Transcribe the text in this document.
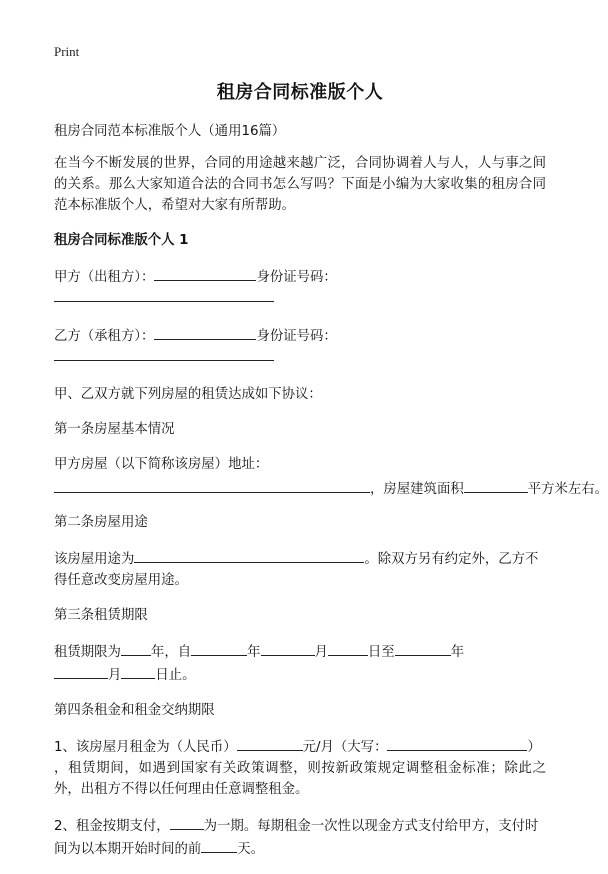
Print
租房合同标准版个人
租房合同范本标准版个人（通用16篇）
在当今不断发展的世界，合同的用途越来越广泛，合同协调着人与人，人与事之间的关系。那么大家知道合法的合同书怎么写吗？下面是小编为大家收集的租房合同范本标准版个人，希望对大家有所帮助。
租房合同标准版个人 1
甲方（出租方）：	身份证号码：
乙方（承租方）：	身份证号码：
甲、乙双方就下列房屋的租赁达成如下协议：
第一条房屋基本情况
甲方房屋（以下简称该房屋）地址：
，房屋建筑面积	平方米左右。
第二条房屋用途
该房屋用途为	。除双方另有约定外，乙方不得任意改变房屋用途。
第三条租赁期限
租赁期限为 年，自	年	月	日至	年
月	日止。
第四条租金和租金交纳期限
1、该房屋月租金为（人民币）	元/月（大写：	）
，租赁期间，如遇到国家有关政策调整，则按新政策规定调整租金标准；除此之外，出租方不得以任何理由任意调整租金。
2、租金按期支付，	为一期。每期租金一次性以现金方式支付给甲方，支付时间为以本期开始时间的前	天。
